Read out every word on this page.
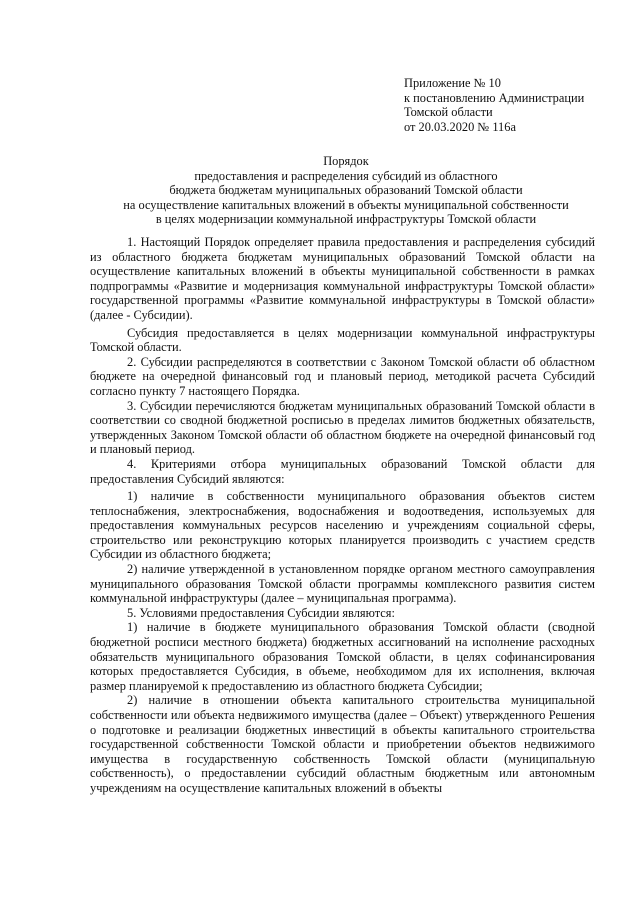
Приложение № 10
к постановлению Администрации
Томской области
от 20.03.2020 № 116а
Порядок
предоставления и распределения субсидий из областного
бюджета бюджетам муниципальных образований Томской области
на осуществление капитальных вложений в объекты муниципальной собственности
в целях модернизации коммунальной инфраструктуры Томской области

1. Настоящий Порядок определяет правила предоставления и распределения субсидий из областного бюджета бюджетам муниципальных образований Томской области на осуществление капитальных вложений в объекты муниципальной собственности в рамках подпрограммы «Развитие и модернизация коммунальной инфраструктуры Томской области» государственной программы «Развитие коммунальной инфраструктуры в Томской области» (далее - Субсидии).

Субсидия предоставляется в целях модернизации коммунальной инфраструктуры Томской области.

2. Субсидии распределяются в соответствии с Законом Томской области об областном бюджете на очередной финансовый год и плановый период, методикой расчета Субсидий согласно пункту 7 настоящего Порядка.

3. Субсидии перечисляются бюджетам муниципальных образований Томской области в соответствии со сводной бюджетной росписью в пределах лимитов бюджетных обязательств, утвержденных Законом Томской области об областном бюджете на очередной финансовый год и плановый период.

4. Критериями отбора муниципальных образований Томской области для предоставления Субсидий являются:

1) наличие в собственности муниципального образования объектов систем теплоснабжения, электроснабжения, водоснабжения и водоотведения, используемых для предоставления коммунальных ресурсов населению и учреждениям социальной сферы, строительство или реконструкцию которых планируется производить с участием средств Субсидии из областного бюджета;

2) наличие утвержденной в установленном порядке органом местного самоуправления муниципального образования Томской области программы комплексного развития систем коммунальной инфраструктуры (далее – муниципальная программа).

5. Условиями предоставления Субсидии являются:

1) наличие в бюджете муниципального образования Томской области (сводной бюджетной росписи местного бюджета) бюджетных ассигнований на исполнение расходных обязательств муниципального образования Томской области, в целях софинансирования которых предоставляется Субсидия, в объеме, необходимом для их исполнения, включая размер планируемой к предоставлению из областного бюджета Субсидии;

2) наличие в отношении объекта капитального строительства муниципальной собственности или объекта недвижимого имущества (далее – Объект) утвержденного Решения о подготовке и реализации бюджетных инвестиций в объекты капитального строительства государственной собственности Томской области и приобретении объектов недвижимого имущества в государственную собственность Томской области (муниципальную собственность), о предоставлении субсидий областным бюджетным или автономным учреждениям на осуществление капитальных вложений в объекты
